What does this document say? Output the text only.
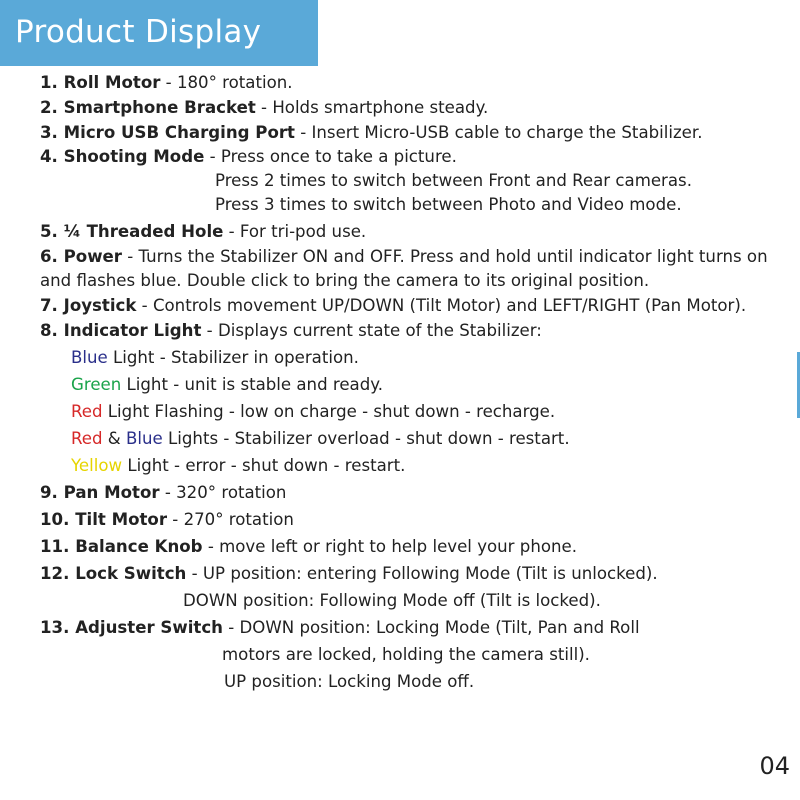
Product Display

1. Roll Motor - 180° rotation.

2. Smartphone Bracket - Holds smartphone steady.

3. Micro USB Charging Port - Insert Micro-USB cable to charge the Stabilizer.

4. Shooting Mode - Press once to take a picture.

Press 2 times to switch between Front and Rear cameras.

Press 3 times to switch between Photo and Video mode.

5. ¼ Threaded Hole - For tri-pod use.

6. Power - Turns the Stabilizer ON and OFF. Press and hold until indicator light turns on and flashes blue. Double click to bring the camera to its original position.

7. Joystick - Controls movement UP/DOWN (Tilt Motor) and LEFT/RIGHT (Pan Motor).

8. Indicator Light - Displays current state of the Stabilizer:

Blue Light - Stabilizer in operation.

Green Light - unit is stable and ready.

Red Light Flashing - low on charge - shut down - recharge.

Red & Blue Lights - Stabilizer overload - shut down - restart.

Yellow Light - error - shut down - restart.

9. Pan Motor - 320° rotation

10. Tilt Motor - 270° rotation

11. Balance Knob - move left or right to help level your phone.

12. Lock Switch - UP position: entering Following Mode (Tilt is unlocked).

DOWN position: Following Mode off (Tilt is locked).

13. Adjuster Switch - DOWN position: Locking Mode (Tilt, Pan and Roll

motors are locked, holding the camera still).

UP position: Locking Mode off.

04
